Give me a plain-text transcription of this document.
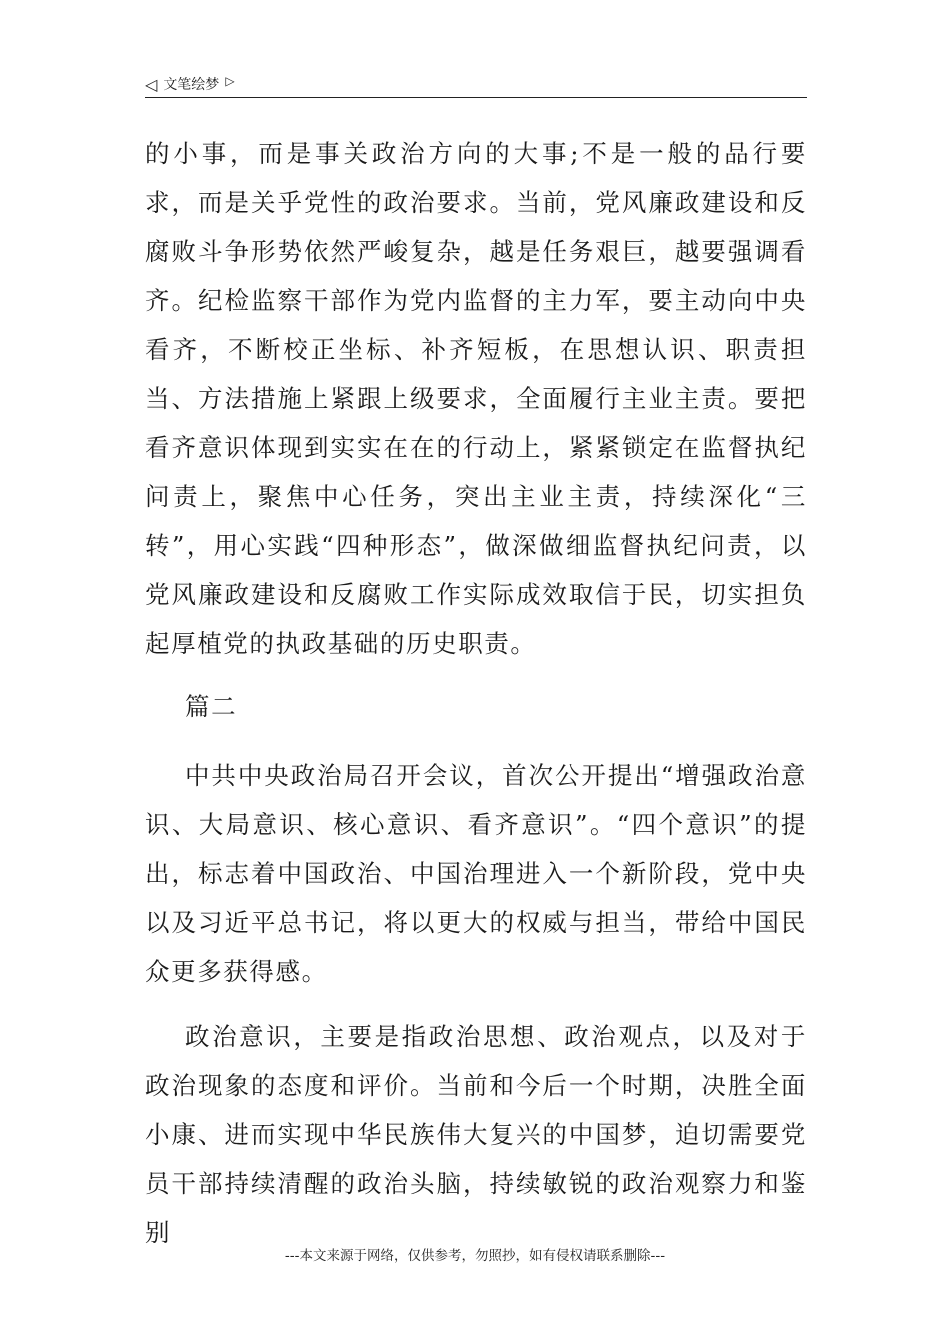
◁ 文笔绘梦 ▷

的小事，而是事关政治方向的大事;不是一般的品行要求，而是关乎党性的政治要求。当前，党风廉政建设和反腐败斗争形势依然严峻复杂，越是任务艰巨，越要强调看齐。纪检监察干部作为党内监督的主力军，要主动向中央看齐，不断校正坐标、补齐短板，在思想认识、职责担当、方法措施上紧跟上级要求，全面履行主业主责。要把看齐意识体现到实实在在的行动上，紧紧锁定在监督执纪问责上，聚焦中心任务，突出主业主责，持续深化“三转”，用心实践“四种形态”，做深做细监督执纪问责，以党风廉政建设和反腐败工作实际成效取信于民，切实担负起厚植党的执政基础的历史职责。

篇二

中共中央政治局召开会议，首次公开提出“增强政治意识、大局意识、核心意识、看齐意识”。“四个意识”的提出，标志着中国政治、中国治理进入一个新阶段，党中央以及习近平总书记，将以更大的权威与担当，带给中国民众更多获得感。

政治意识，主要是指政治思想、政治观点，以及对于政治现象的态度和评价。当前和今后一个时期，决胜全面小康、进而实现中华民族伟大复兴的中国梦，迫切需要党员干部持续清醒的政治头脑，持续敏锐的政治观察力和鉴别

---本文来源于网络，仅供参考，勿照抄，如有侵权请联系删除---
